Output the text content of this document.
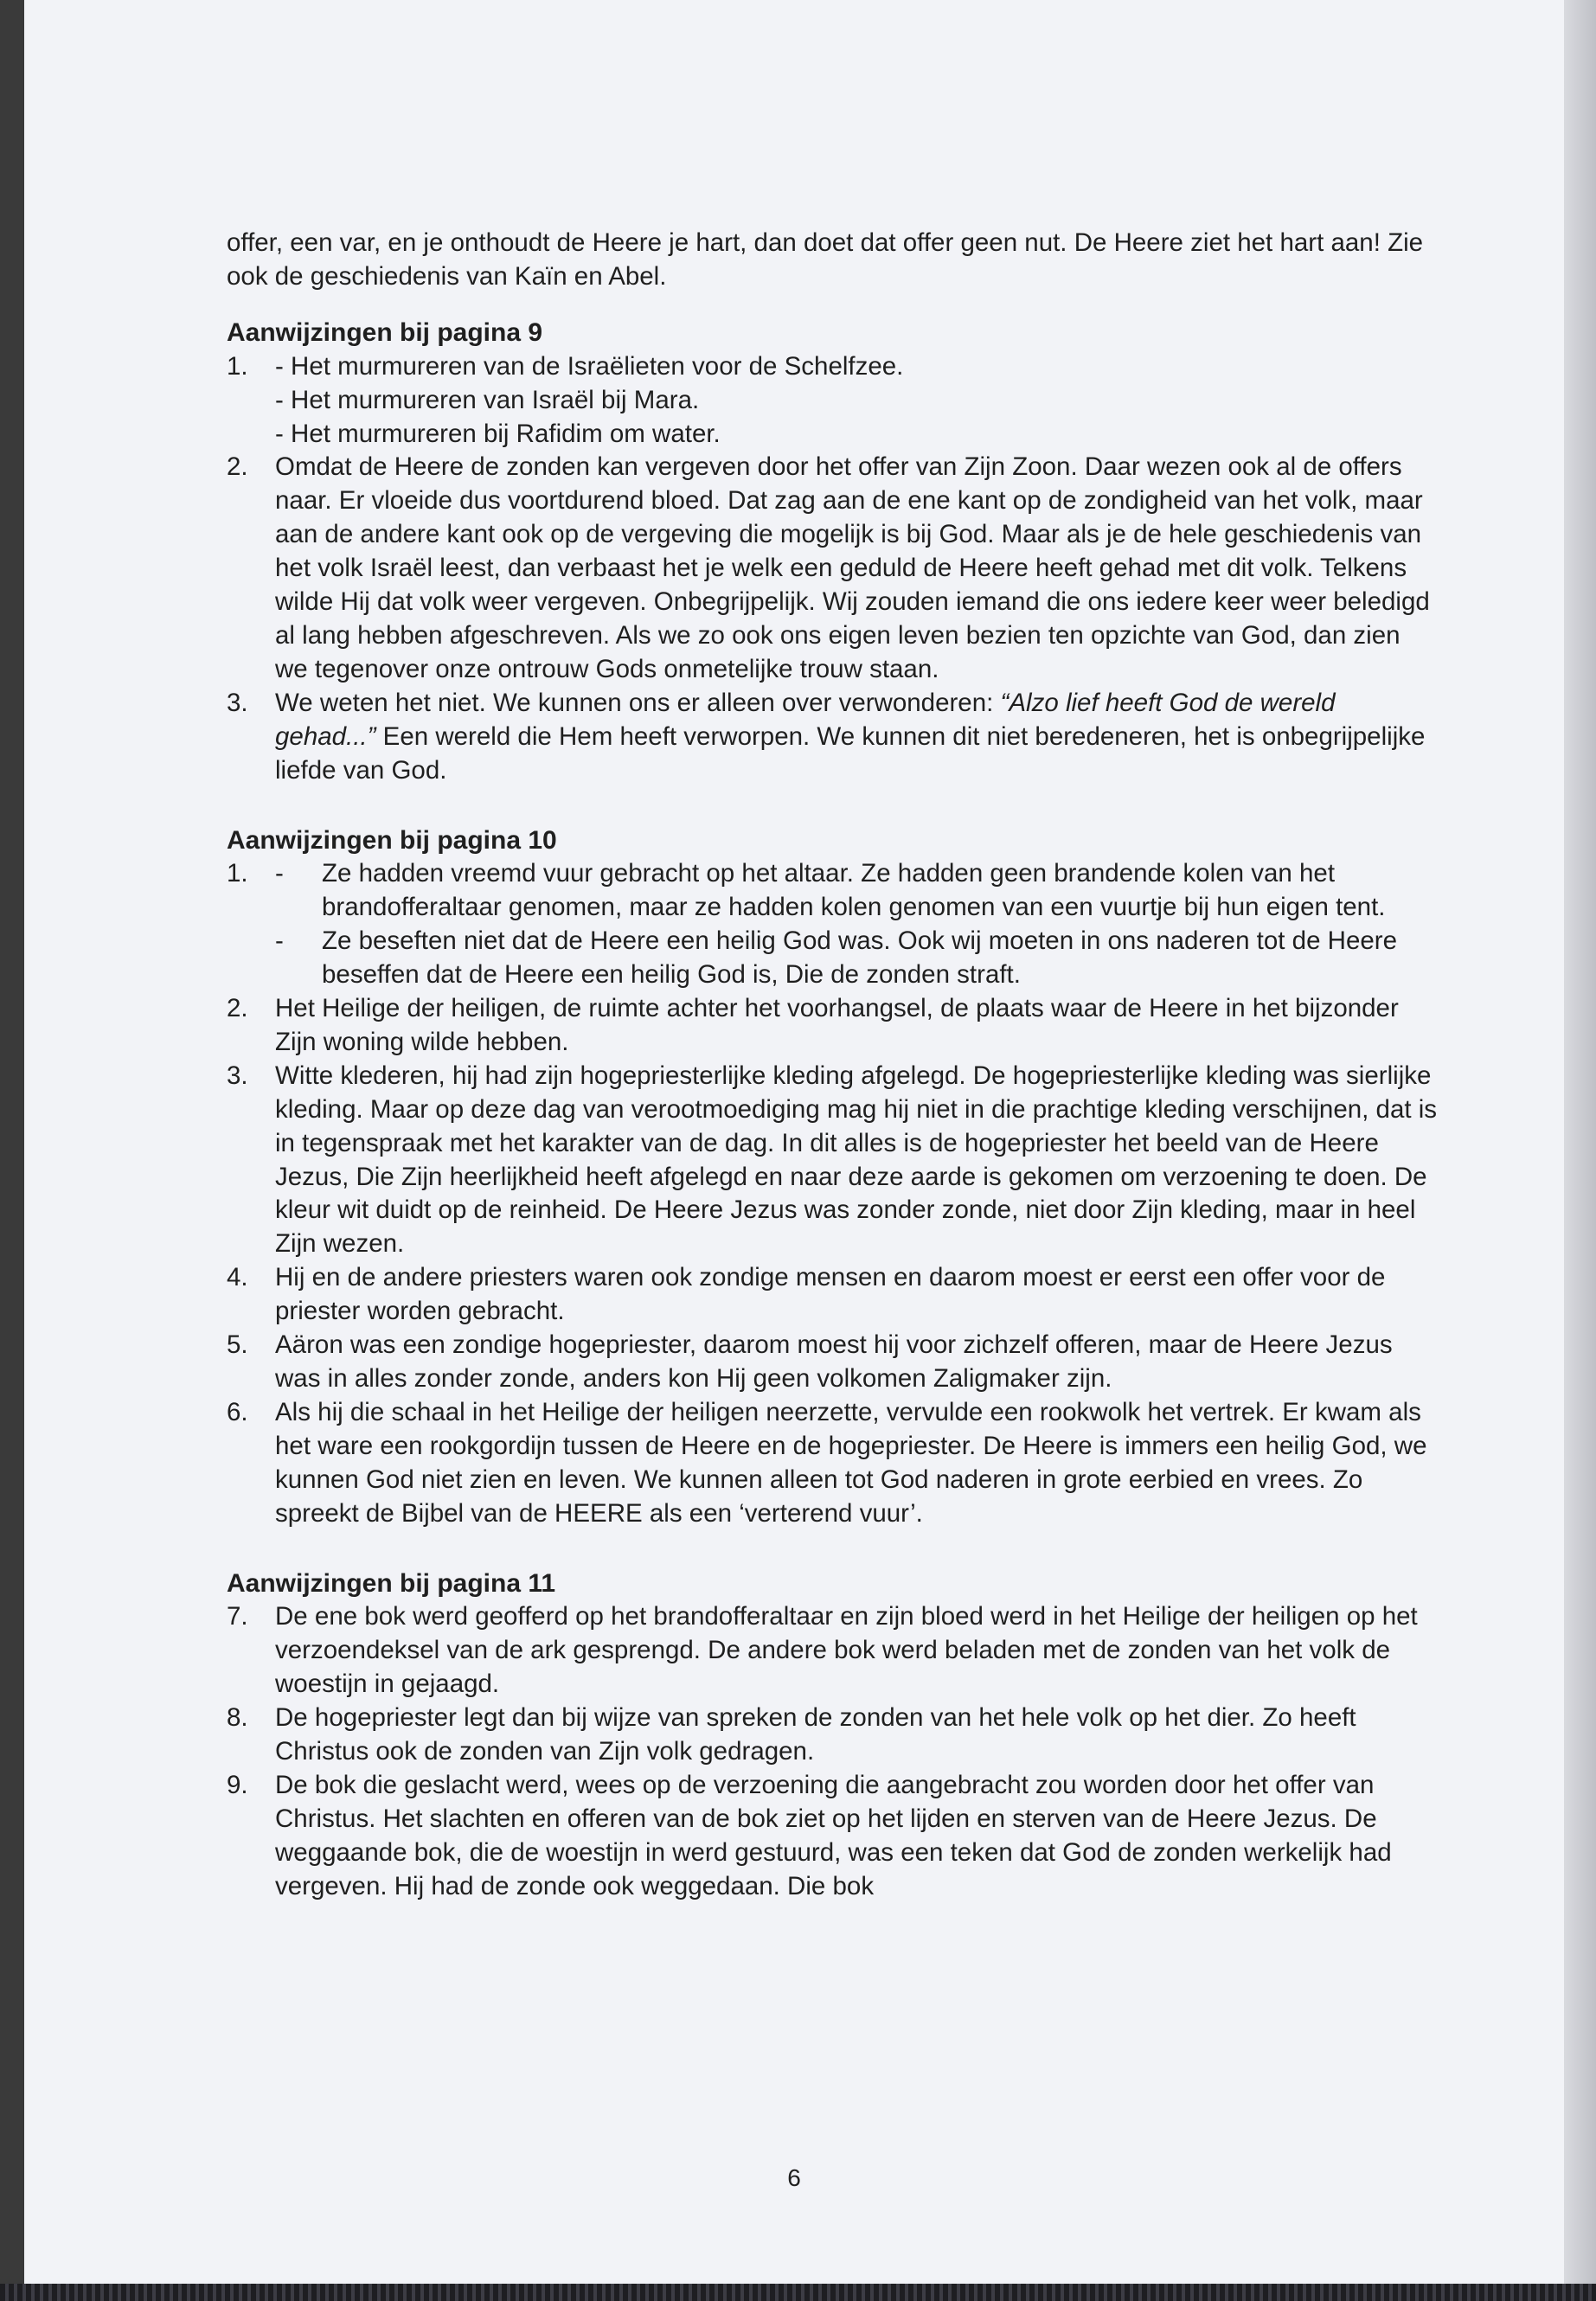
offer, een var, en je onthoudt de Heere je hart, dan doet dat offer geen nut. De Heere ziet het hart aan! Zie ook de geschiedenis van Kaïn en Abel.

Aanwijzingen bij pagina 9
1.	- Het murmureren van de Israëlieten voor de Schelfzee.
- Het murmureren van Israël bij Mara.
- Het murmureren bij Rafidim om water.
2.	Omdat de Heere de zonden kan vergeven door het offer van Zijn Zoon. Daar wezen ook al de offers naar. Er vloeide dus voortdurend bloed. Dat zag aan de ene kant op de zondigheid van het volk, maar aan de andere kant ook op de vergeving die mogelijk is bij God. Maar als je de hele geschiedenis van het volk Israël leest, dan verbaast het je welk een geduld de Heere heeft gehad met dit volk. Telkens wilde Hij dat volk weer vergeven. Onbegrijpelijk. Wij zouden iemand die ons iedere keer weer beledigd al lang hebben afgeschreven. Als we zo ook ons eigen leven bezien ten opzichte van God, dan zien we tegenover onze ontrouw Gods onmetelijke trouw staan.
3.	We weten het niet. We kunnen ons er alleen over verwonderen: “Alzo lief heeft God de wereld gehad...” Een wereld die Hem heeft verworpen. We kunnen dit niet beredeneren, het is onbegrijpelijke liefde van God.
Aanwijzingen bij pagina 10
1.	-	Ze hadden vreemd vuur gebracht op het altaar. Ze hadden geen brandende kolen van het brandofferaltaar genomen, maar ze hadden kolen genomen van een vuurtje bij hun eigen tent.
-	Ze beseften niet dat de Heere een heilig God was. Ook wij moeten in ons naderen tot de Heere beseffen dat de Heere een heilig God is, Die de zonden straft.
2.	Het Heilige der heiligen, de ruimte achter het voorhangsel, de plaats waar de Heere in het bijzonder Zijn woning wilde hebben.
3.	Witte klederen, hij had zijn hogepriesterlijke kleding afgelegd. De hogepriesterlijke kleding was sierlijke kleding. Maar op deze dag van verootmoediging mag hij niet in die prachtige kleding verschijnen, dat is in tegenspraak met het karakter van de dag. In dit alles is de hogepriester het beeld van de Heere Jezus, Die Zijn heerlijkheid heeft afgelegd en naar deze aarde is gekomen om verzoening te doen. De kleur wit duidt op de reinheid. De Heere Jezus was zonder zonde, niet door Zijn kleding, maar in heel Zijn wezen.
4.	Hij en de andere priesters waren ook zondige mensen en daarom moest er eerst een offer voor de priester worden gebracht.
5.	Aäron was een zondige hogepriester, daarom moest hij voor zichzelf offeren, maar de Heere Jezus was in alles zonder zonde, anders kon Hij geen volkomen Zaligmaker zijn.
6.	Als hij die schaal in het Heilige der heiligen neerzette, vervulde een rookwolk het vertrek. Er kwam als het ware een rookgordijn tussen de Heere en de hogepriester. De Heere is immers een heilig God, we kunnen God niet zien en leven. We kunnen alleen tot God naderen in grote eerbied en vrees. Zo spreekt de Bijbel van de HEERE als een ‘verterend vuur’.
Aanwijzingen bij pagina 11
7.	De ene bok werd geofferd op het brandofferaltaar en zijn bloed werd in het Heilige der heiligen op het verzoendeksel van de ark gesprengd. De andere bok werd beladen met de zonden van het volk de woestijn in gejaagd.
8.	De hogepriester legt dan bij wijze van spreken de zonden van het hele volk op het dier. Zo heeft Christus ook de zonden van Zijn volk gedragen.
9.	De bok die geslacht werd, wees op de verzoening die aangebracht zou worden door het offer van Christus. Het slachten en offeren van de bok ziet op het lijden en sterven van de Heere Jezus. De weggaande bok, die de woestijn in werd gestuurd, was een teken dat God de zonden werkelijk had vergeven. Hij had de zonde ook weggedaan. Die bok
6
